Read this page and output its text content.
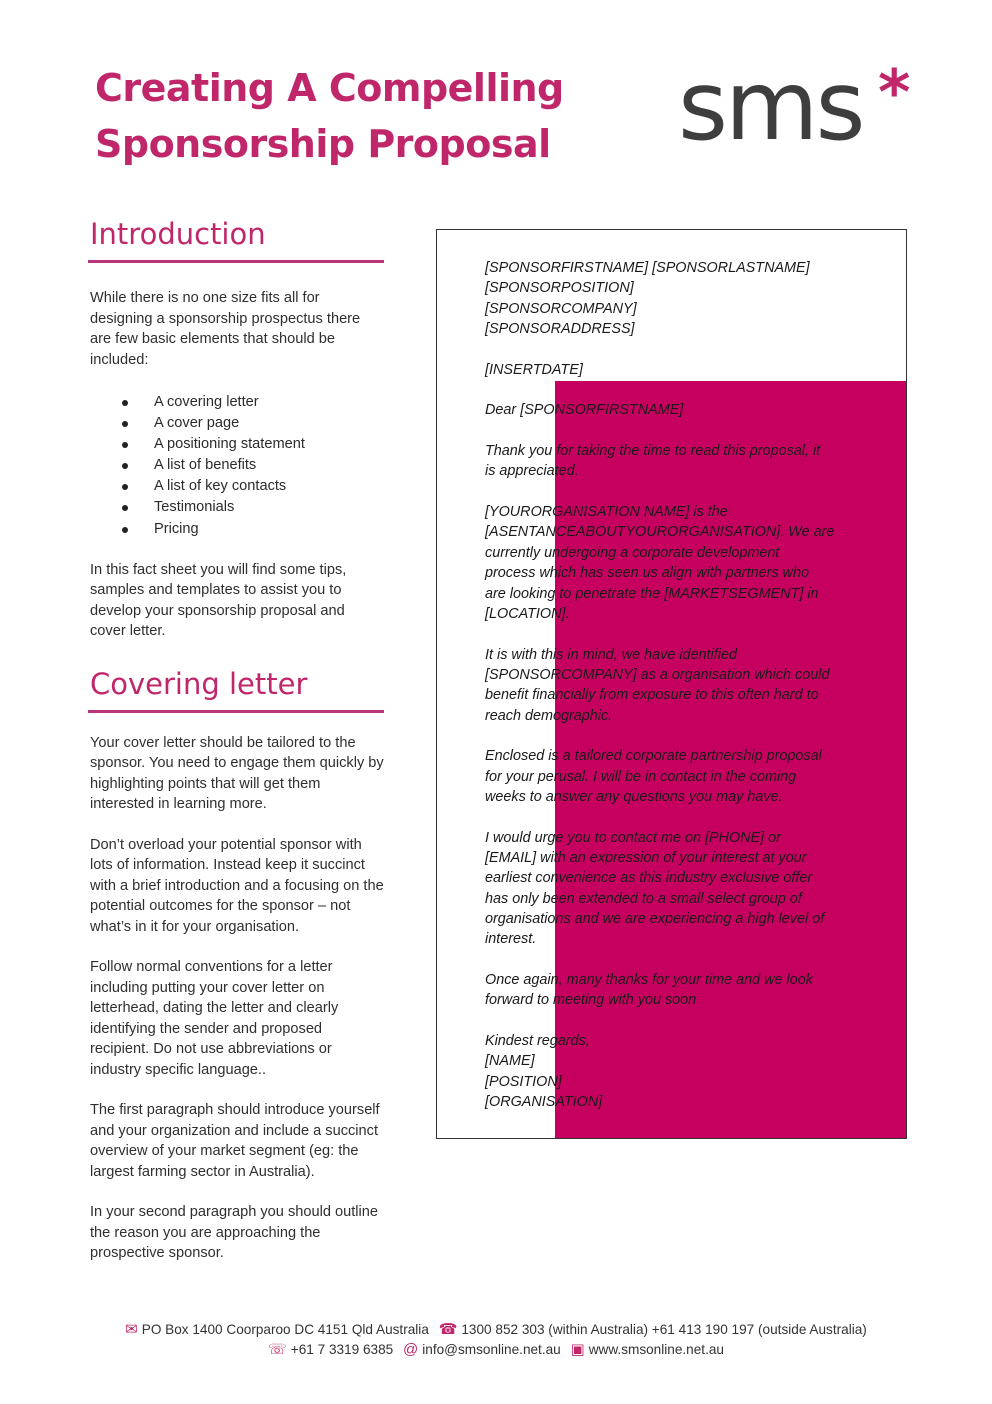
Creating A Compelling
Sponsorship Proposal sms *
Introduction

While there is no one size fits all for designing a sponsorship prospectus there are few basic elements that should be included:

A covering letter
A cover page
A positioning statement
A list of benefits
A list of key contacts
Testimonials
Pricing

In this fact sheet you will find some tips, samples and templates to assist you to develop your sponsorship proposal and cover letter.

Covering letter

Your cover letter should be tailored to the sponsor. You need to engage them quickly by highlighting points that will get them interested in learning more.

Don’t overload your potential sponsor with lots of information. Instead keep it succinct with a brief introduction and a focusing on the potential outcomes for the sponsor – not what’s in it for your organisation.

Follow normal conventions for a letter including putting your cover letter on letterhead, dating the letter and clearly identifying the sender and proposed recipient. Do not use abbreviations or industry specific language..

The first paragraph should introduce yourself and your organization and include a succinct overview of your market segment (eg: the largest farming sector in Australia).

In your second paragraph you should outline the reason you are approaching the prospective sponsor.

[SPONSORFIRSTNAME] [SPONSORLASTNAME]
[SPONSORPOSITION]
[SPONSORCOMPANY]
[SPONSORADDRESS]

[INSERTDATE]

Dear [SPONSORFIRSTNAME]

Thank you for taking the time to read this proposal, it
is appreciated.

[YOURORGANISATION NAME] is the
[ASENTANCEABOUTYOURORGANISATION]. We are
currently undergoing a corporate development
process which has seen us align with partners who
are looking to penetrate the [MARKETSEGMENT] in
[LOCATION].

It is with this in mind, we have identified
[SPONSORCOMPANY] as a organisation which could
benefit financially from exposure to this often hard to
reach demographic.

Enclosed is a tailored corporate partnership proposal
for your perusal. I will be in contact in the coming
weeks to answer any questions you may have.

I would urge you to contact me on [PHONE] or
[EMAIL] with an expression of your interest at your
earliest convenience as this industry exclusive offer
has only been extended to a small select group of
organisations and we are experiencing a high level of
interest.

Once again, many thanks for your time and we look
forward to meeting with you soon

Kindest regards,
[NAME]
[POSITION]
[ORGANISATION]

✉ PO Box 1400 Coorparoo DC 4151 Qld Australia ☎ 1300 852 303 (within Australia) +61 413 190 197 (outside Australia)
☏ +61 7 3319 6385 @ info@smsonline.net.au ▣ www.smsonline.net.au
